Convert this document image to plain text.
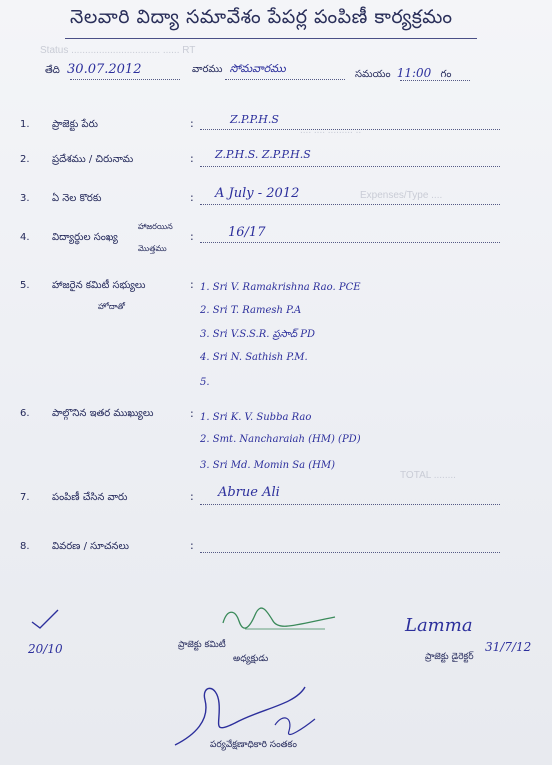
Status ................................ ...... RT
.... .... ......... ..
Expenses/Type ....
TOTAL ........
నెలవారి విద్యా సమావేశం పేపర్ల పంపిణీ కార్యక్రమం
తేది 30.07.2012	వారము సోమవారము	సమయం 11:00 గం
1. ప్రాజెక్టు పేరు	:	Z.P.P.H.S
2. ప్రదేశము / చిరునామ	: Z.P.H.S. Z.P.P.H.S
3. ఏ నెల కొరకు	: A July - 2012
4. విద్యార్థుల సంఖ్య
హాజరయిన
మొత్తము
:	16/17
5. హాజరైన కమిటీ సభ్యులు
హోదాతో
: 1. Sri V. Ramakrishna Rao. PCE
2. Sri T. Ramesh P.A
3. Sri V.S.S.R. ప్రసాద్ PD
4. Sri N. Sathish P.M.
5.
6. పాల్గొనిన ఇతర ముఖ్యులు	: 1. Sri K. V. Subba Rao
2. Smt. Nancharaiah (HM) (PD)
3. Sri Md. Momin Sa (HM)
7. పంపిణీ చేసిన వారు	: Abrue Ali
8. వివరణ / సూచనలు	:
20/10	ప్రాజెక్టు కమిటీ
అధ్యక్షుడు
Lamma
ప్రాజెక్టు డైరెక్టర్
31/7/12
పర్యవేక్షణాధికారి సంతకం
